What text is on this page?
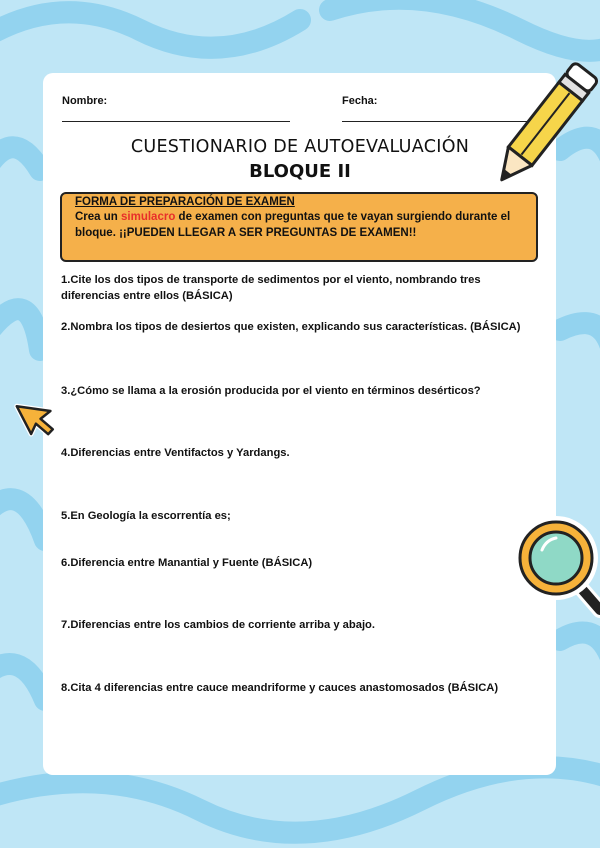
Nombre:	Fecha:
CUESTIONARIO DE AUTOEVALUACIÓN
BLOQUE II
FORMA DE PREPARACIÓN DE EXAMEN
Crea un simulacro de examen con preguntas que te vayan surgiendo durante el bloque. ¡¡PUEDEN LLEGAR A SER PREGUNTAS DE EXAMEN!!
1.Cite los dos tipos de transporte de sedimentos por el viento, nombrando tres diferencias entre ellos (BÁSICA)
2.Nombra los tipos de desiertos que existen, explicando sus características. (BÁSICA)
3.¿Cómo se llama a la erosión producida por el viento en términos desérticos?
4.Diferencias entre Ventifactos y Yardangs.
5.En Geología la escorrentía es;
6.Diferencia entre Manantial y Fuente (BÁSICA)
7.Diferencias entre los cambios de corriente arriba y abajo.
8.Cita 4 diferencias entre cauce meandriforme y cauces anastomosados (BÁSICA)
